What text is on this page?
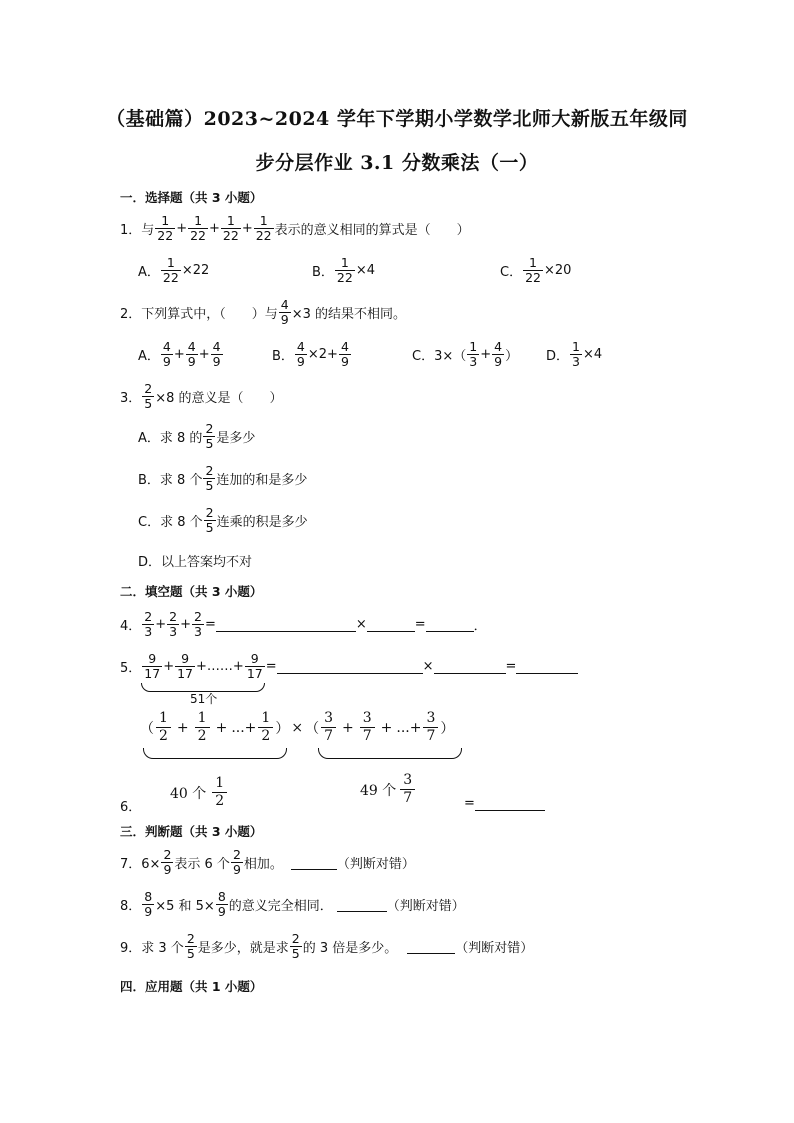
（基础篇）2023~2024 学年下学期小学数学北师大新版五年级同
步分层作业 3.1 分数乘法（一）
一．选择题（共 3 小题）
1．与 $\frac{1}{22} + \frac{1}{22} + \frac{1}{22} + \frac{1}{22}$ 表示的意义相同的算式是（　　）
A． $\frac{1}{22} \times 22$	B． $\frac{1}{22} \times 4$	C． $\frac{1}{22} \times 20$
2．下列算式中，（　　）与 $\frac{4}{9} \times 3$ 的结果不相同。
A． $\frac{4}{9} + \frac{4}{9} + \frac{4}{9}$	B． $\frac{4}{9} \times 2+ \frac{4}{9}$	C．$3\times( \frac{1}{3} + \frac{4}{9}$ ） D． $\frac{1}{3} \times 4$
3． $\frac{2}{5} \times 8$ 的意义是（　　）
A．求 8 的 $\frac{2}{5}$ 是多少
B．求 8 个 $\frac{2}{5}$ 连加的和是多少
C．求 8 个 $\frac{2}{5}$ 连乘的积是多少
D．以上答案均不对
二．填空题（共 3 小题）
4． $\frac{2}{3} + \frac{2}{3} + \frac{2}{3}$ =	×	=	．
5． $\frac{9}{17} + \frac{9}{17}$ + …… + $\frac{9}{17}$ =	×	=
51个
（
1
2
+ $\frac{1}{2}$ + ... + $\frac{1}{2}$ ） × （
3
7
+ $\frac{3}{7}$ + ... + $\frac{3}{7}$ ）
40 个
1
2
49 个
3
7
6．	=
三．判断题（共 3 小题）
7．$6\times \frac{2}{9}$ 表示 6 个 $\frac{2}{9}$ 相加。	（判断对错）
8． $\frac{8}{9} \times 5$ 和 $5\times \frac{8}{9}$ 的意义完全相同．	（判断对错）
9．求 3 个 $\frac{2}{5}$ 是多少，就是求 $\frac{2}{5}$ 的 3 倍是多少。	（判断对错）
四．应用题（共 1 小题）
